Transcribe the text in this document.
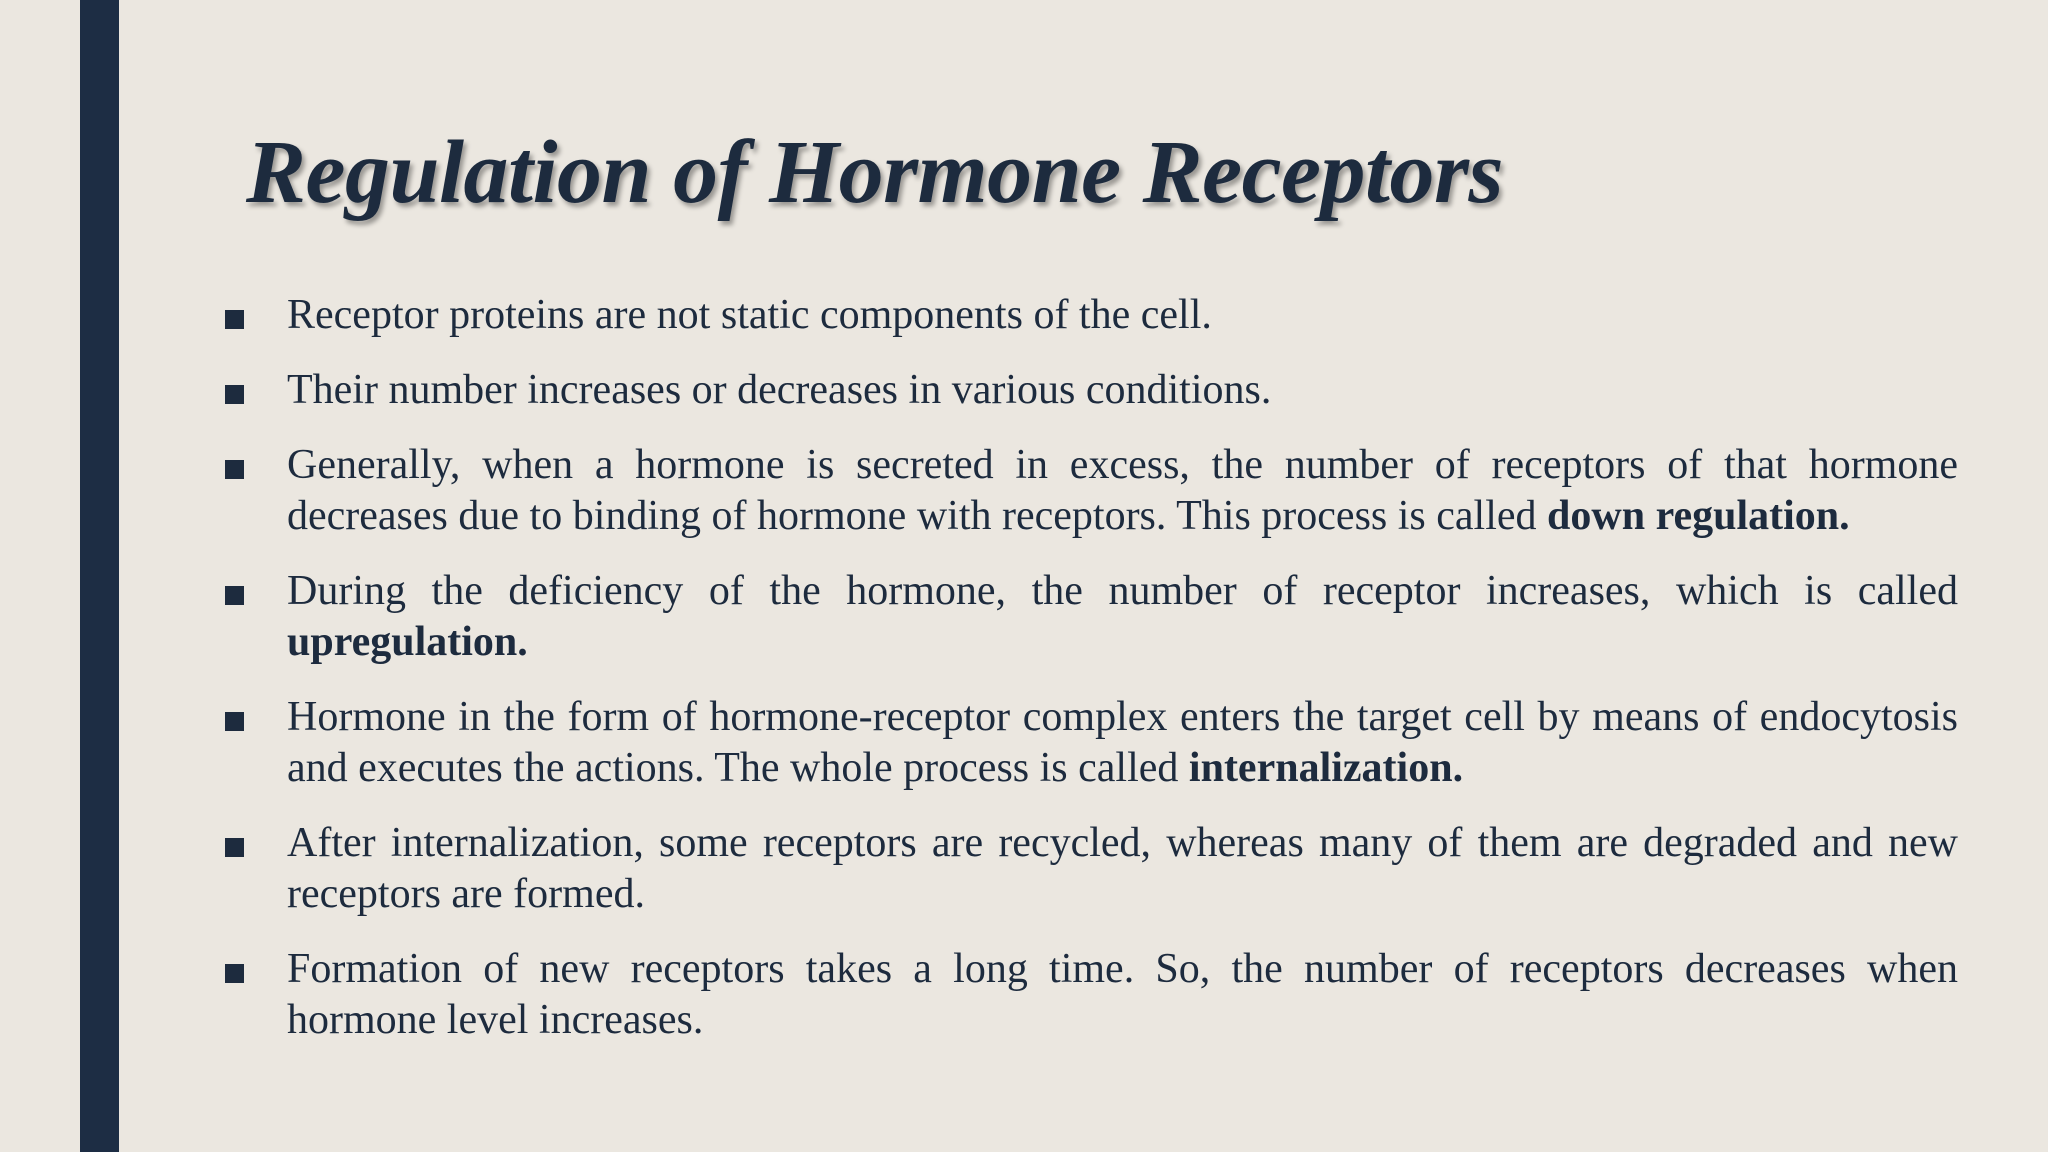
Regulation of Hormone Receptors
Receptor proteins are not static components of the cell.
Their number increases or decreases in various conditions.
Generally, when a hormone is secreted in excess, the number of receptors of that hormone decreases due to binding of hormone with receptors. This process is called down regulation.
During the deficiency of the hormone, the number of receptor increases, which is called upregulation.
Hormone in the form of hormone-receptor complex enters the target cell by means of endocytosis and executes the actions. The whole process is called internalization.
After internalization, some receptors are recycled, whereas many of them are degraded and new receptors are formed.
Formation of new receptors takes a long time. So, the number of receptors decreases when hormone level increases.
